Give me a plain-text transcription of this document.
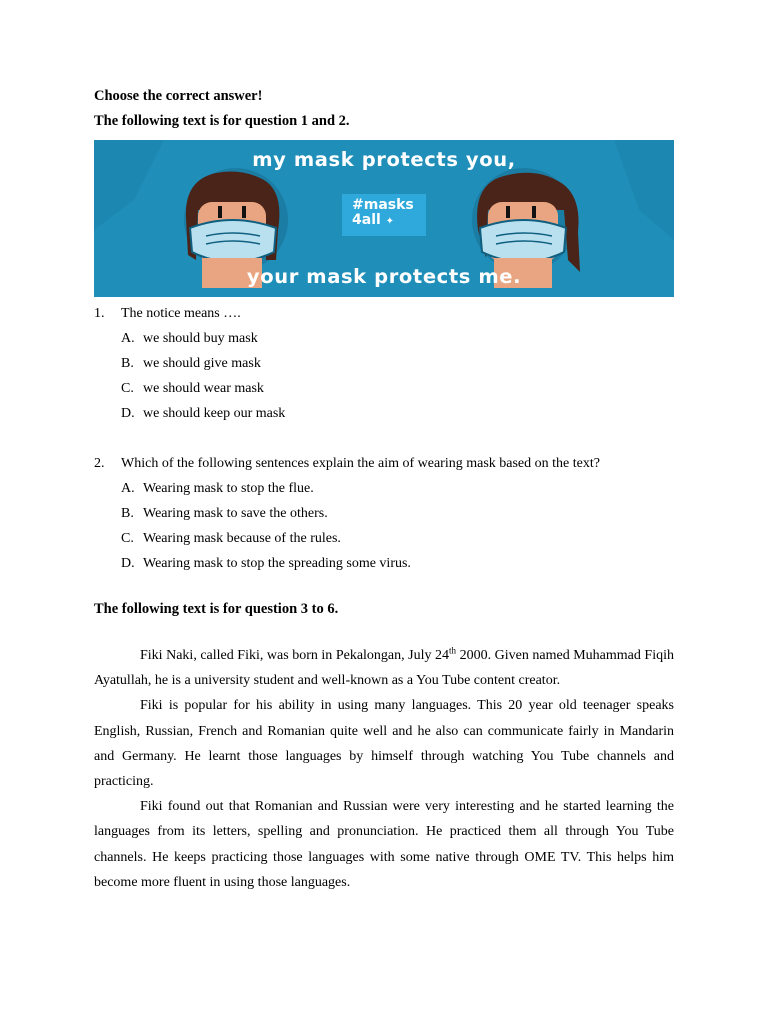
Choose the correct answer!

The following text is for question 1 and 2.

my mask protects you,
#masks
4all ✦
your mask protects me.
1.	The notice means ….
A. we should buy mask
B. we should give mask
C. we should wear mask
D. we should keep our mask
2.	Which of the following sentences explain the aim of wearing mask based on the text?
A. Wearing mask to stop the flue.
B. Wearing mask to save the others.
C. Wearing mask because of the rules.
D. Wearing mask to stop the spreading some virus.

The following text is for question 3 to 6.

Fiki Naki, called Fiki, was born in Pekalongan, July 24th 2000. Given named Muhammad Fiqih Ayatullah, he is a university student and well-known as a You Tube content creator.

Fiki is popular for his ability in using many languages. This 20 year old teenager speaks English, Russian, French and Romanian quite well and he also can communicate fairly in Mandarin and Germany. He learnt those languages by himself through watching You Tube channels and practicing.

Fiki found out that Romanian and Russian were very interesting and he started learning the languages from its letters, spelling and pronunciation. He practiced them all through You Tube channels. He keeps practicing those languages with some native through OME TV. This helps him become more fluent in using those languages.
